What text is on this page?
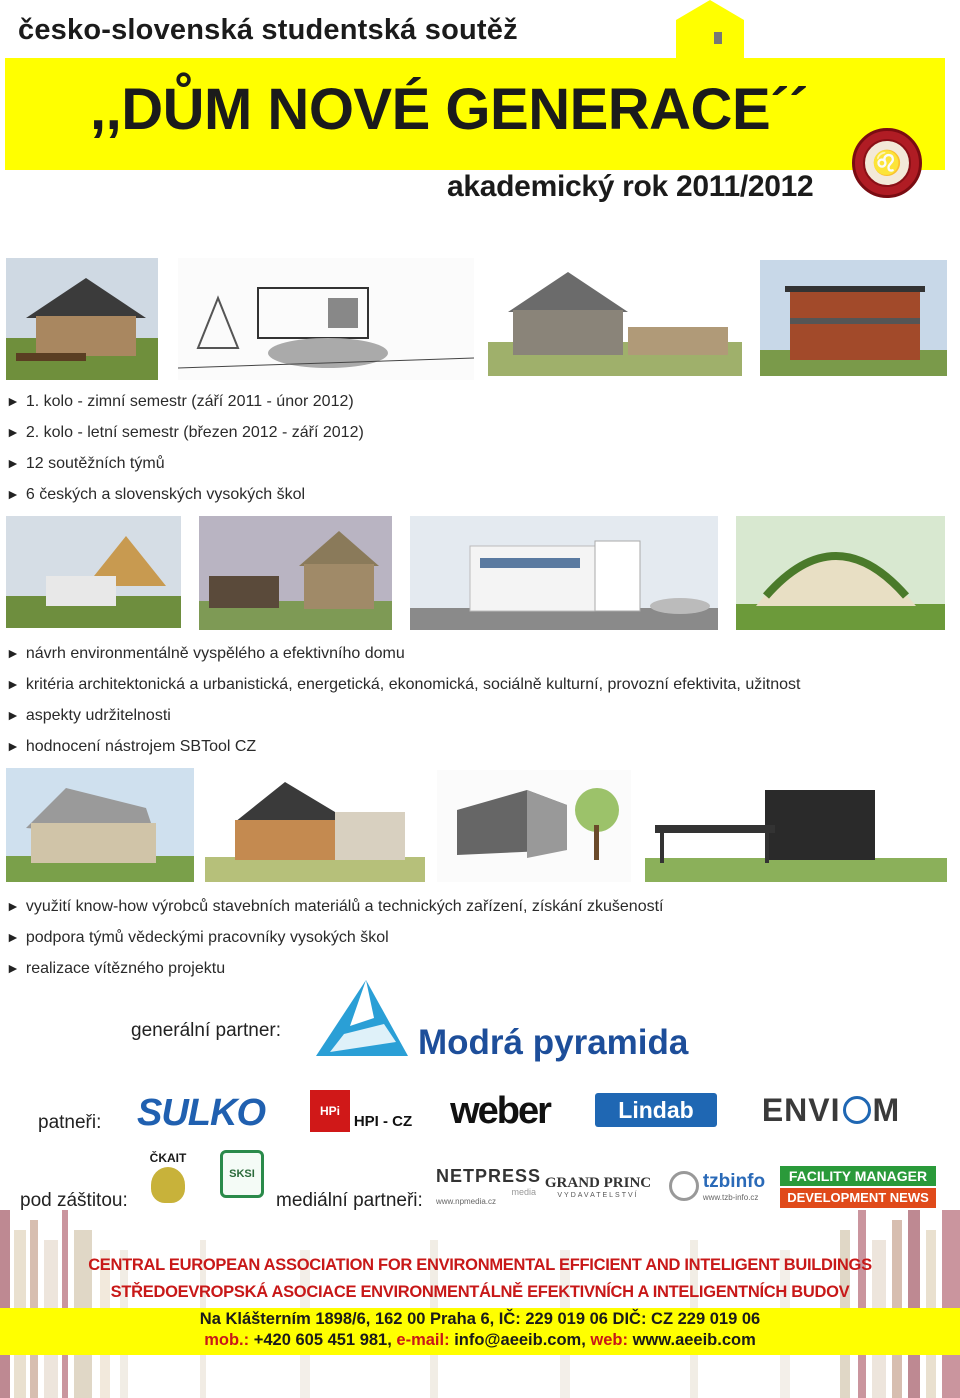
česko-slovenská studentská soutěž
,,DŮM NOVÉ GENERACE´´
akademický rok 2011/2012
♌
► 1. kolo - zimní semestr (září 2011 - únor 2012)
► 2. kolo - letní semestr (březen 2012 - září 2012)
► 12 soutěžních týmů
► 6 českých a slovenských vysokých škol
► návrh environmentálně vyspělého a efektivního domu
► kritéria architektonická a urbanistická, energetická, ekonomická, sociálně kulturní, provozní efektivita, užitnost
► aspekty udržitelnosti
► hodnocení nástrojem SBTool CZ
► využití know-how výrobců stavebních materiálů a technických zařízení, získání zkušeností
► podpora týmů vědeckými pracovníky vysokých škol
► realizace vítězného projektu
generální partner:	Modrá pyramida
patneři: SULKO	HPi
HPI - CZ weber	Lindab	ENVI M
pod záštitou:
ČKAIT
SKSI
mediální partneři:
NETPRESS
media
www.npmedia.cz
GRAND PRINC
VYDAVATELSTVÍ
tzbinfo
www.tzb-info.cz
FACILITY MANAGER
DEVELOPMENT NEWS
CENTRAL EUROPEAN ASSOCIATION FOR ENVIRONMENTAL EFFICIENT AND INTELIGENT BUILDINGS
STŘEDOEVROPSKÁ ASOCIACE ENVIRONMENTÁLNĚ EFEKTIVNÍCH A INTELIGENTNÍCH BUDOV
Na Klášterním 1898/6, 162 00 Praha 6, IČ: 229 019 06 DIČ: CZ 229 019 06
mob.: +420 605 451 981, e-mail: info@aeeib.com, web: www.aeeib.com
